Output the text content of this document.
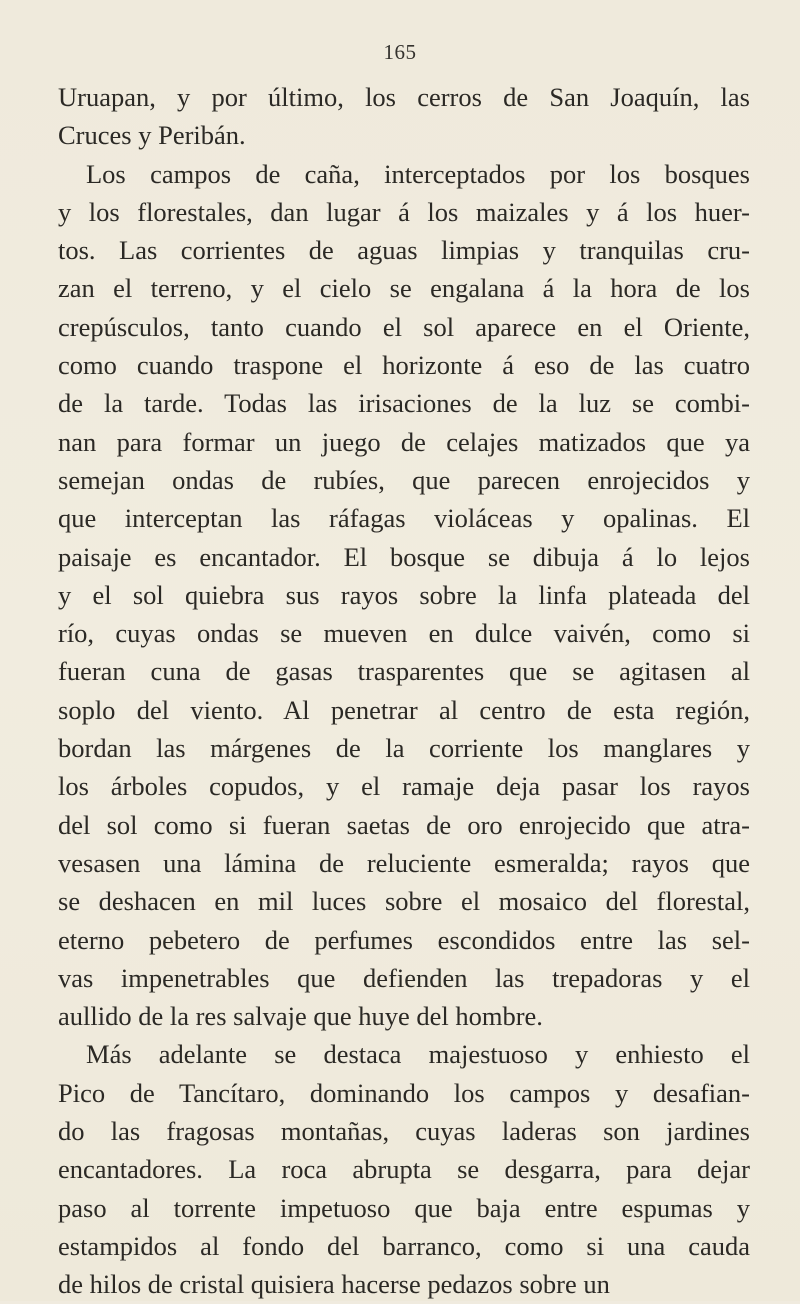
165
Uruapan, y por último, los cerros de San Joaquín, las
Cruces y Peribán.
Los campos de caña, interceptados por los bosques
y los florestales, dan lugar á los maizales y á los huer-
tos. Las corrientes de aguas limpias y tranquilas cru-
zan el terreno, y el cielo se engalana á la hora de los
crepúsculos, tanto cuando el sol aparece en el Oriente,
como cuando traspone el horizonte á eso de las cuatro
de la tarde. Todas las irisaciones de la luz se combi-
nan para formar un juego de celajes matizados que ya
semejan ondas de rubíes, que parecen enrojecidos y
que interceptan las ráfagas violáceas y opalinas. El
paisaje es encantador. El bosque se dibuja á lo lejos
y el sol quiebra sus rayos sobre la linfa plateada del
río, cuyas ondas se mueven en dulce vaivén, como si
fueran cuna de gasas trasparentes que se agitasen al
soplo del viento. Al penetrar al centro de esta región,
bordan las márgenes de la corriente los manglares y
los árboles copudos, y el ramaje deja pasar los rayos
del sol como si fueran saetas de oro enrojecido que atra-
vesasen una lámina de reluciente esmeralda; rayos que
se deshacen en mil luces sobre el mosaico del florestal,
eterno pebetero de perfumes escondidos entre las sel-
vas impenetrables que defienden las trepadoras y el
aullido de la res salvaje que huye del hombre.
Más adelante se destaca majestuoso y enhiesto el
Pico de Tancítaro, dominando los campos y desafian-
do las fragosas montañas, cuyas laderas son jardines
encantadores. La roca abrupta se desgarra, para dejar
paso al torrente impetuoso que baja entre espumas y
estampidos al fondo del barranco, como si una cauda
de hilos de cristal quisiera hacerse pedazos sobre un
